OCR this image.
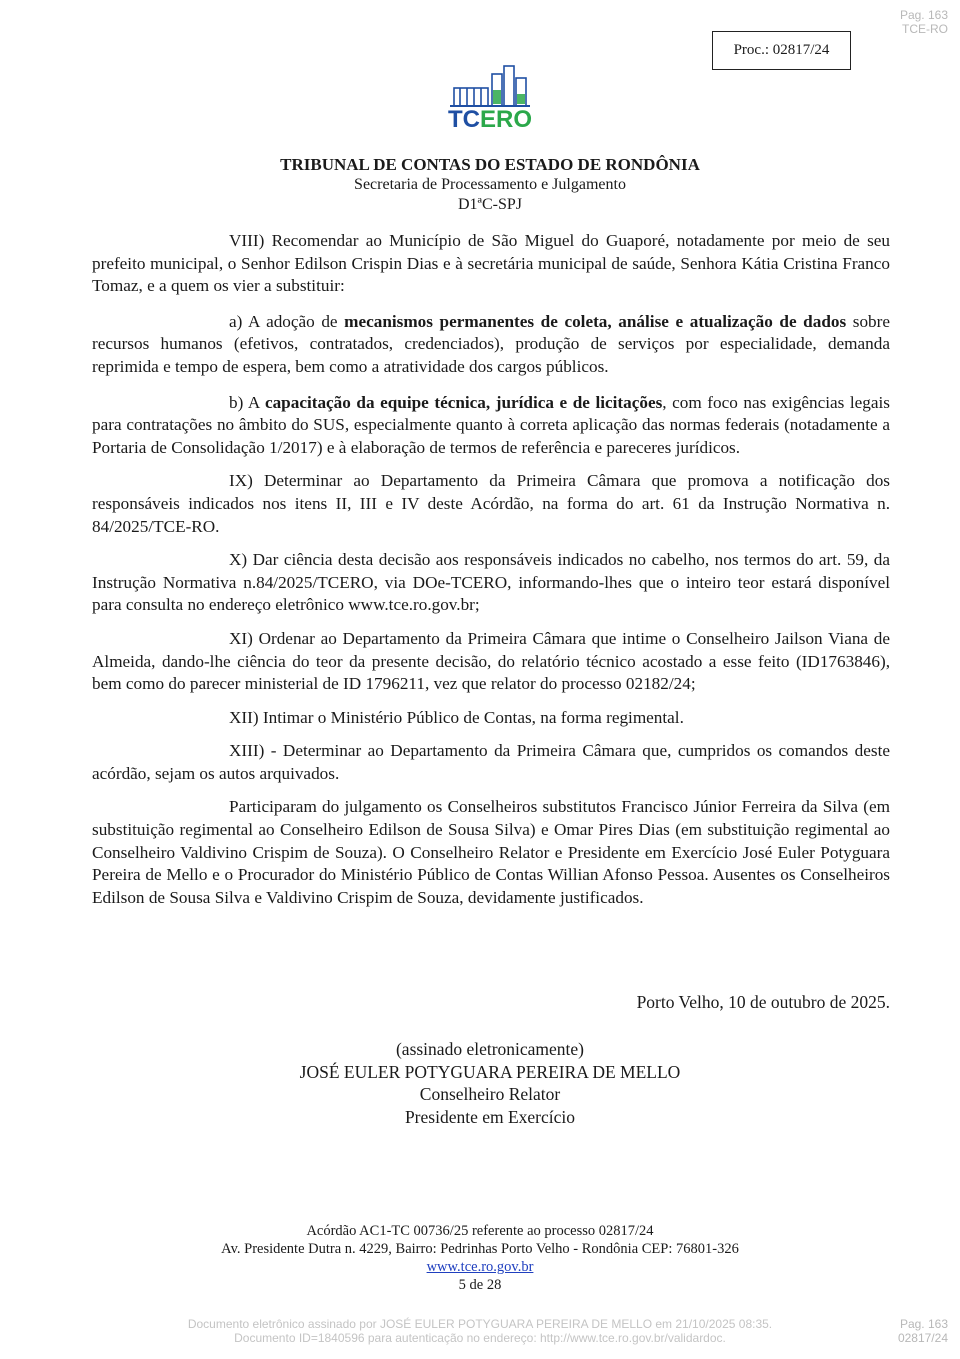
Pag. 163
TCE-RO
Proc.: 02817/24
TCERO
TRIBUNAL DE CONTAS DO ESTADO DE RONDÔNIA
Secretaria de Processamento e Julgamento
D1ªC-SPJ

VIII) Recomendar ao Município de São Miguel do Guaporé, notadamente por meio de seu prefeito municipal, o Senhor Edilson Crispin Dias e à secretária municipal de saúde, Senhora Kátia Cristina Franco Tomaz, e a quem os vier a substituir:

a) A adoção de mecanismos permanentes de coleta, análise e atualização de dados sobre recursos humanos (efetivos, contratados, credenciados), produção de serviços por especialidade, demanda reprimida e tempo de espera, bem como a atratividade dos cargos públicos.

b) A capacitação da equipe técnica, jurídica e de licitações, com foco nas exigências legais para contratações no âmbito do SUS, especialmente quanto à correta aplicação das normas federais (notadamente a Portaria de Consolidação 1/2017) e à elaboração de termos de referência e pareceres jurídicos.

IX) Determinar ao Departamento da Primeira Câmara que promova a notificação dos responsáveis indicados nos itens II, III e IV deste Acórdão, na forma do art. 61 da Instrução Normativa n. 84/2025/TCE-RO.

X) Dar ciência desta decisão aos responsáveis indicados no cabelho, nos termos do art. 59, da Instrução Normativa n.84/2025/TCERO, via DOe-TCERO, informando-lhes que o inteiro teor estará disponível para consulta no endereço eletrônico www.tce.ro.gov.br;

XI) Ordenar ao Departamento da Primeira Câmara que intime o Conselheiro Jailson Viana de Almeida, dando-lhe ciência do teor da presente decisão, do relatório técnico acostado a esse feito (ID1763846), bem como do parecer ministerial de ID 1796211, vez que relator do processo 02182/24;

XII) Intimar o Ministério Público de Contas, na forma regimental.

XIII) - Determinar ao Departamento da Primeira Câmara que, cumpridos os comandos deste acórdão, sejam os autos arquivados.

Participaram do julgamento os Conselheiros substitutos Francisco Júnior Ferreira da Silva (em substituição regimental ao Conselheiro Edilson de Sousa Silva) e Omar Pires Dias (em substituição regimental ao Conselheiro Valdivino Crispim de Souza). O Conselheiro Relator e Presidente em Exercício José Euler Potyguara Pereira de Mello e o Procurador do Ministério Público de Contas Willian Afonso Pessoa. Ausentes os Conselheiros Edilson de Sousa Silva e Valdivino Crispim de Souza, devidamente justificados.

Porto Velho, 10 de outubro de 2025.
(assinado eletronicamente)
JOSÉ EULER POTYGUARA PEREIRA DE MELLO
Conselheiro Relator
Presidente em Exercício
Acórdão AC1-TC 00736/25 referente ao processo 02817/24
Av. Presidente Dutra n. 4229, Bairro: Pedrinhas Porto Velho - Rondônia CEP: 76801-326
www.tce.ro.gov.br
5 de 28
Documento eletrônico assinado por JOSÉ EULER POTYGUARA PEREIRA DE MELLO em 21/10/2025 08:35.
Documento ID=1840596 para autenticação no endereço: http://www.tce.ro.gov.br/validardoc.
Pag. 163
02817/24
